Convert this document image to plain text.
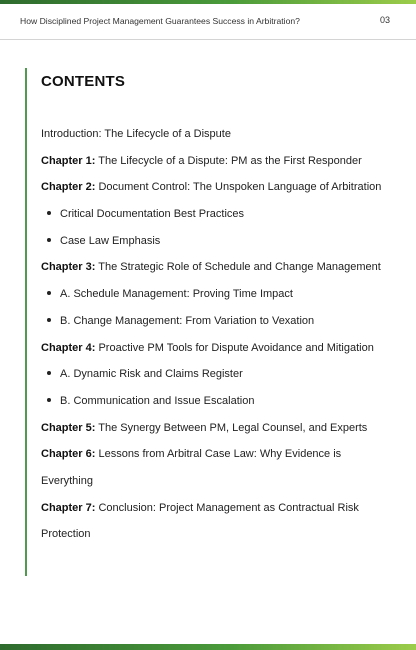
How Disciplined Project Management Guarantees Success in Arbitration?	03
CONTENTS
Introduction: The Lifecycle of a Dispute
Chapter 1: The Lifecycle of a Dispute: PM as the First Responder
Chapter 2: Document Control: The Unspoken Language of Arbitration
Critical Documentation Best Practices
Case Law Emphasis
Chapter 3: The Strategic Role of Schedule and Change Management
A. Schedule Management: Proving Time Impact
B. Change Management: From Variation to Vexation
Chapter 4: Proactive PM Tools for Dispute Avoidance and Mitigation
A. Dynamic Risk and Claims Register
B. Communication and Issue Escalation
Chapter 5: The Synergy Between PM, Legal Counsel, and Experts
Chapter 6: Lessons from Arbitral Case Law: Why Evidence is
Everything
Chapter 7: Conclusion: Project Management as Contractual Risk
Protection
